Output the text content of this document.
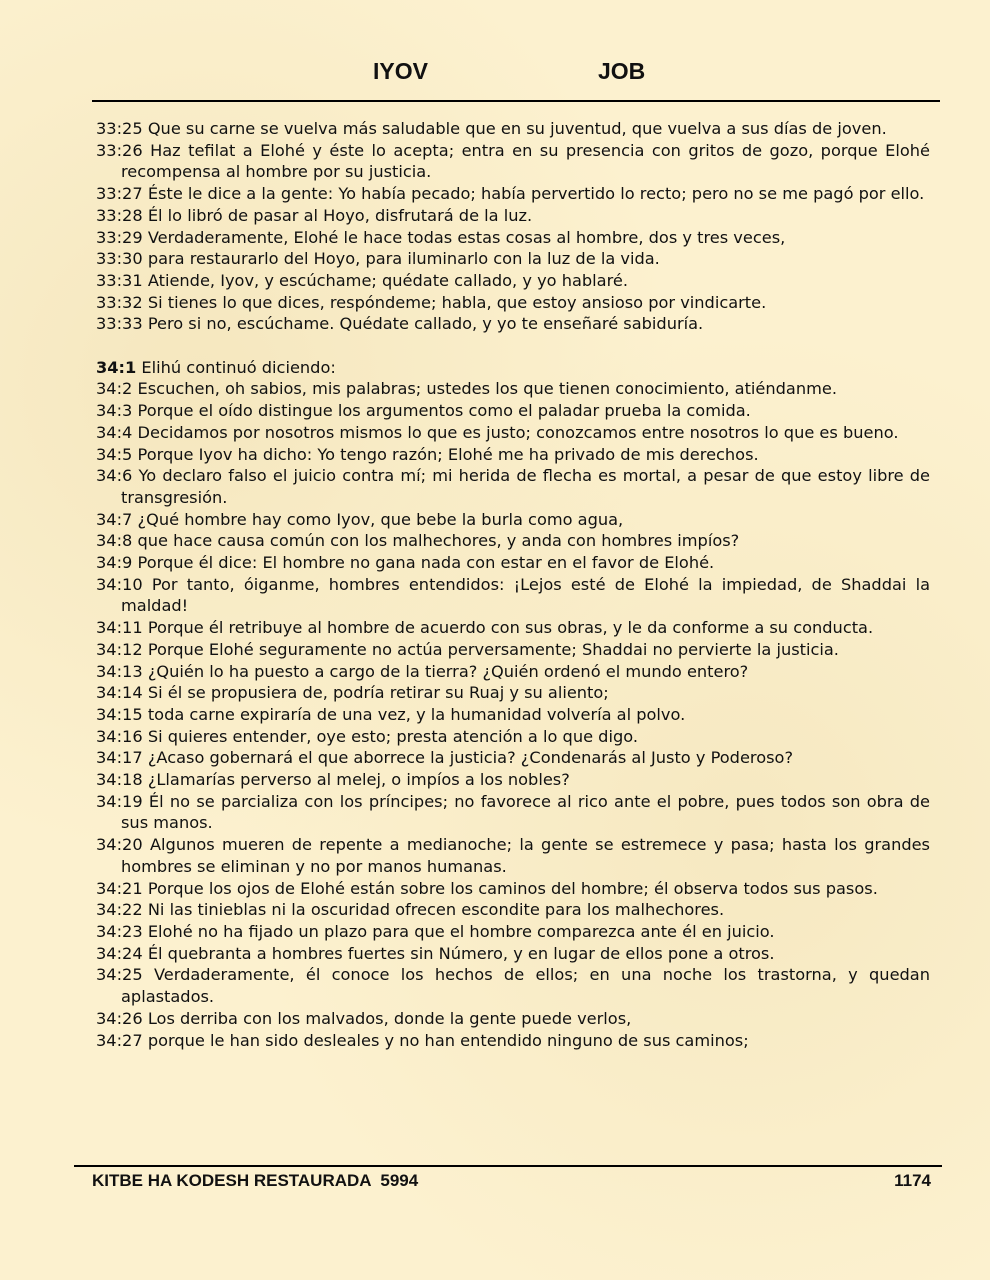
IYOV	JOB
33:25 Que su carne se vuelva más saludable que en su juventud, que vuelva a sus días de joven.
33:26 Haz tefilat a Elohé y éste lo acepta; entra en su presencia con gritos de gozo, porque Elohé recompensa al hombre por su justicia.
33:27 Éste le dice a la gente: Yo había pecado; había pervertido lo recto; pero no se me pagó por ello.
33:28 Él lo libró de pasar al Hoyo, disfrutará de la luz.
33:29 Verdaderamente, Elohé le hace todas estas cosas al hombre, dos y tres veces,
33:30 para restaurarlo del Hoyo, para iluminarlo con la luz de la vida.
33:31 Atiende, Iyov, y escúchame; quédate callado, y yo hablaré.
33:32 Si tienes lo que dices, respóndeme; habla, que estoy ansioso por vindicarte.
33:33 Pero si no, escúchame. Quédate callado, y yo te enseñaré sabiduría.
34:1 Elihú continuó diciendo:
34:2 Escuchen, oh sabios, mis palabras; ustedes los que tienen conocimiento, atiéndanme.
34:3 Porque el oído distingue los argumentos como el paladar prueba la comida.
34:4 Decidamos por nosotros mismos lo que es justo; conozcamos entre nosotros lo que es bueno.
34:5 Porque Iyov ha dicho: Yo tengo razón; Elohé me ha privado de mis derechos.
34:6 Yo declaro falso el juicio contra mí; mi herida de flecha es mortal, a pesar de que estoy libre de transgresión.
34:7 ¿Qué hombre hay como Iyov, que bebe la burla como agua,
34:8 que hace causa común con los malhechores, y anda con hombres impíos?
34:9 Porque él dice: El hombre no gana nada con estar en el favor de Elohé.
34:10 Por tanto, óiganme, hombres entendidos: ¡Lejos esté de Elohé la impiedad, de Shaddai la maldad!
34:11 Porque él retribuye al hombre de acuerdo con sus obras, y le da conforme a su conducta.
34:12 Porque Elohé seguramente no actúa perversamente; Shaddai no pervierte la justicia.
34:13 ¿Quién lo ha puesto a cargo de la tierra? ¿Quién ordenó el mundo entero?
34:14 Si él se propusiera de, podría retirar su Ruaj y su aliento;
34:15 toda carne expiraría de una vez, y la humanidad volvería al polvo.
34:16 Si quieres entender, oye esto; presta atención a lo que digo.
34:17 ¿Acaso gobernará el que aborrece la justicia? ¿Condenarás al Justo y Poderoso?
34:18 ¿Llamarías perverso al melej, o impíos a los nobles?
34:19 Él no se parcializa con los príncipes; no favorece al rico ante el pobre, pues todos son obra de sus manos.
34:20 Algunos mueren de repente a medianoche; la gente se estremece y pasa; hasta los grandes hombres se eliminan y no por manos humanas.
34:21 Porque los ojos de Elohé están sobre los caminos del hombre; él observa todos sus pasos.
34:22 Ni las tinieblas ni la oscuridad ofrecen escondite para los malhechores.
34:23 Elohé no ha fijado un plazo para que el hombre comparezca ante él en juicio.
34:24 Él quebranta a hombres fuertes sin Número, y en lugar de ellos pone a otros.
34:25 Verdaderamente, él conoce los hechos de ellos; en una noche los trastorna, y quedan aplastados.
34:26 Los derriba con los malvados, donde la gente puede verlos,
34:27 porque le han sido desleales y no han entendido ninguno de sus caminos;
KITBE HA KODESH RESTAURADA  5994	1174
